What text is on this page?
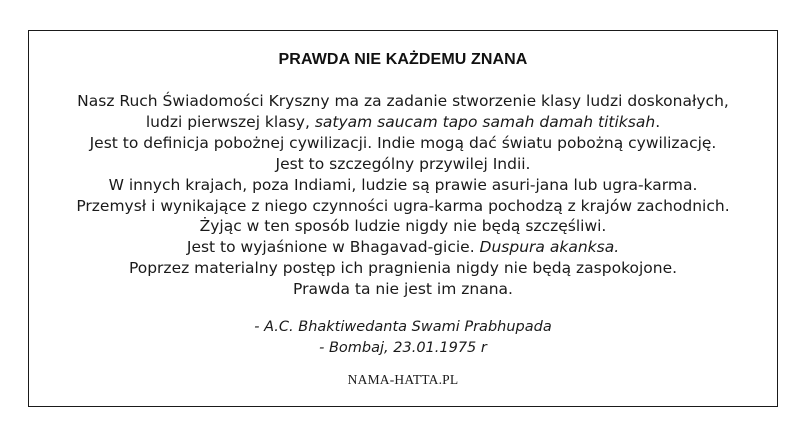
PRAWDA NIE KAŻDEMU ZNANA
Nasz Ruch Świadomości Kryszny ma za zadanie stworzenie klasy ludzi doskonałych,
ludzi pierwszej klasy, satyam saucam tapo samah damah titiksah.
Jest to definicja pobożnej cywilizacji. Indie mogą dać światu pobożną cywilizację.
Jest to szczególny przywilej Indii.
W innych krajach, poza Indiami, ludzie są prawie asuri-jana lub ugra-karma.
Przemysł i wynikające z niego czynności ugra-karma pochodzą z krajów zachodnich.
Żyjąc w ten sposób ludzie nigdy nie będą szczęśliwi.
Jest to wyjaśnione w Bhagavad-gicie. Duspura akanksa.
Poprzez materialny postęp ich pragnienia nigdy nie będą zaspokojone.
Prawda ta nie jest im znana.
- A.C. Bhaktiwedanta Swami Prabhupada
- Bombaj, 23.01.1975 r
NAMA-HATTA.PL
